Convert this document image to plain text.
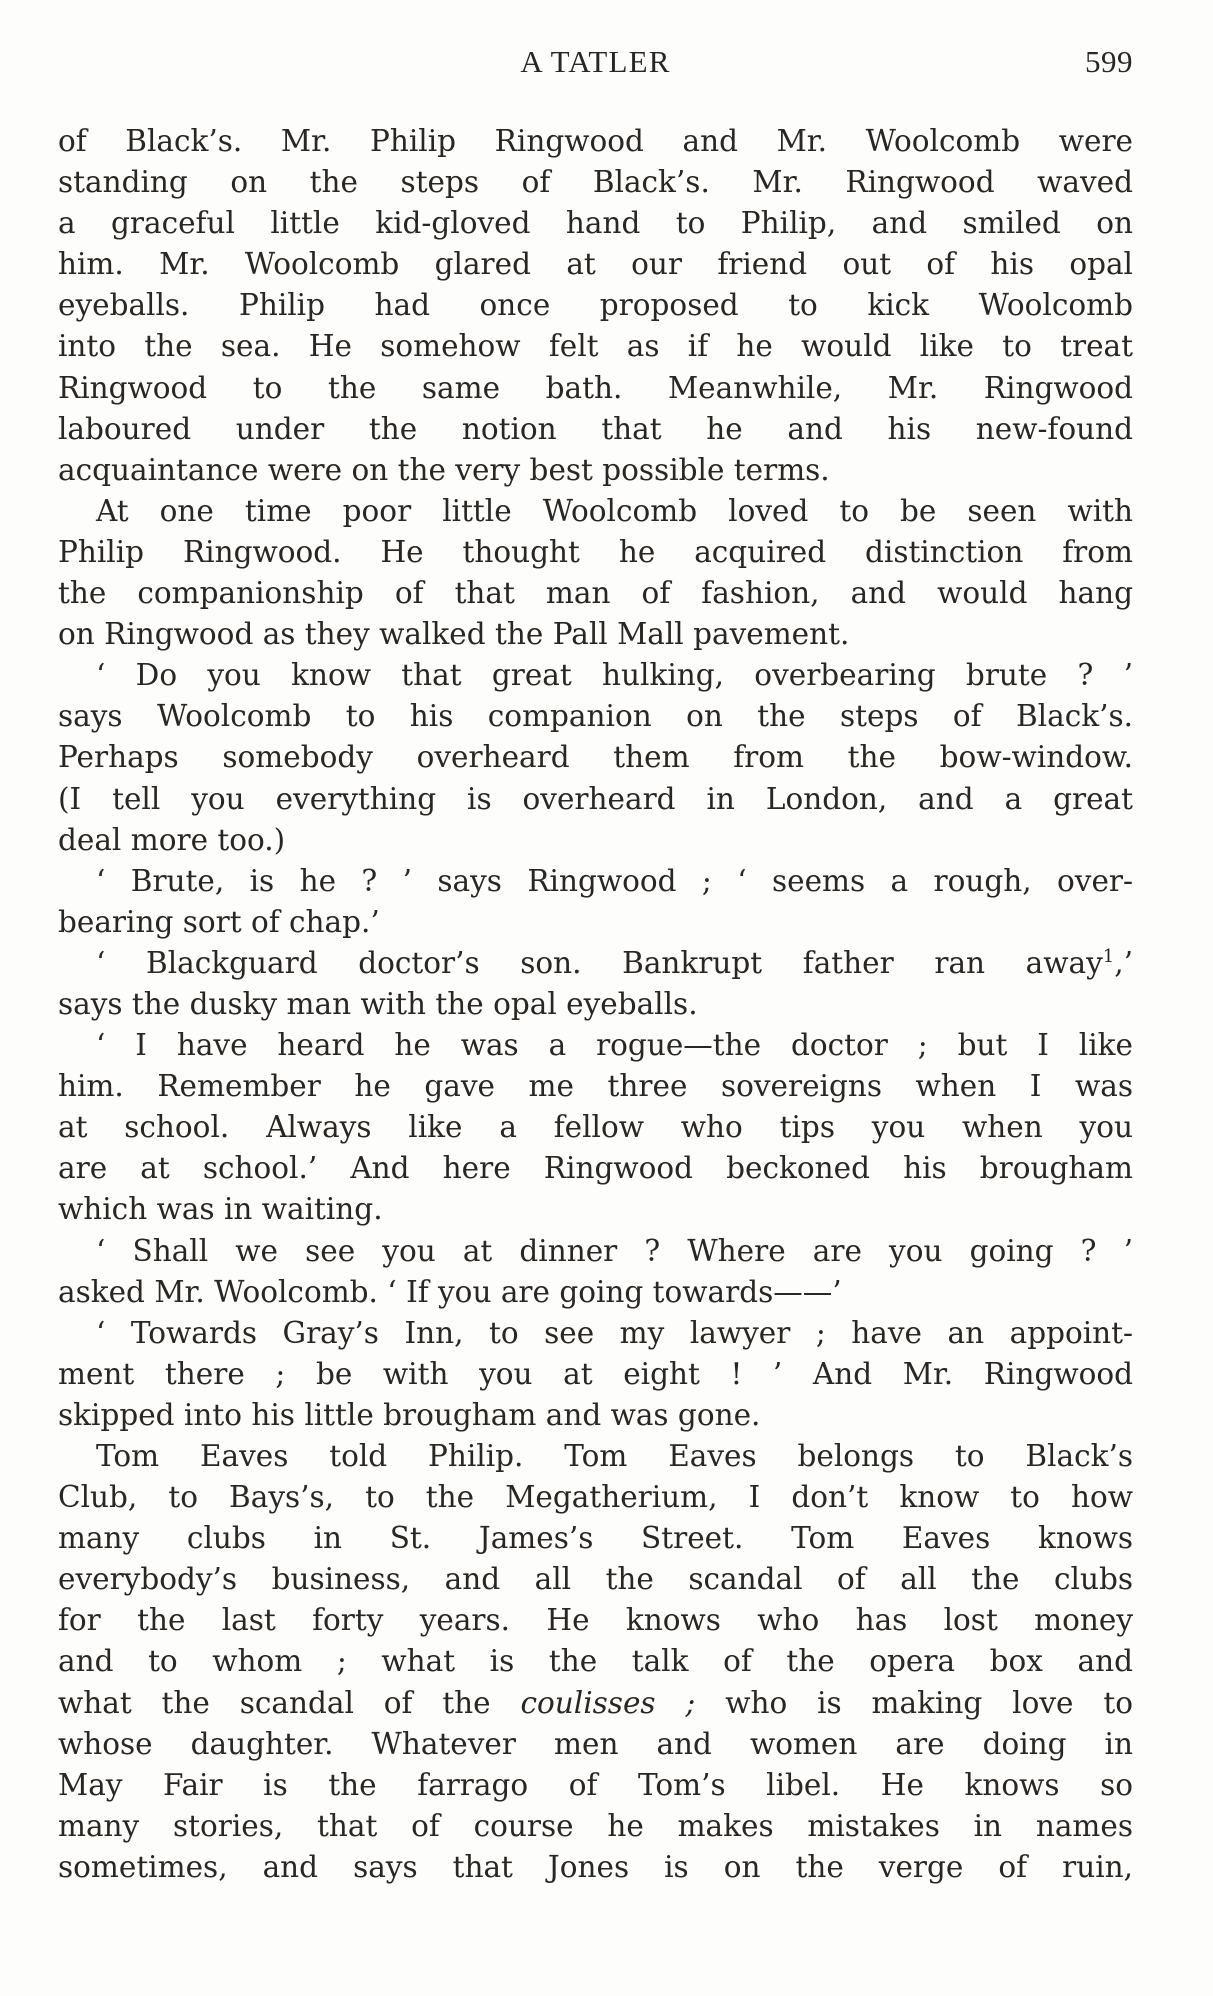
A TATLER	599

of Black’s. Mr. Philip Ringwood and Mr. Woolcomb were

standing on the steps of Black’s. Mr. Ringwood waved

a graceful little kid-gloved hand to Philip, and smiled on

him. Mr. Woolcomb glared at our friend out of his opal

eyeballs. Philip had once proposed to kick Woolcomb

into the sea. He somehow felt as if he would like to treat

Ringwood to the same bath. Meanwhile, Mr. Ringwood

laboured under the notion that he and his new-found

acquaintance were on the very best possible terms.

At one time poor little Woolcomb loved to be seen with

Philip Ringwood. He thought he acquired distinction from

the companionship of that man of fashion, and would hang

on Ringwood as they walked the Pall Mall pavement.

‘ Do you know that great hulking, overbearing brute ? ’

says Woolcomb to his companion on the steps of Black’s.

Perhaps somebody overheard them from the bow-window.

(I tell you everything is overheard in London, and a great

deal more too.)

‘ Brute, is he ? ’ says Ringwood ; ‘ seems a rough, over-

bearing sort of chap.’

‘ Blackguard doctor’s son. Bankrupt father ran away$^1$,’

says the dusky man with the opal eyeballs.

‘ I have heard he was a rogue—the doctor ; but I like

him. Remember he gave me three sovereigns when I was

at school. Always like a fellow who tips you when you

are at school.’ And here Ringwood beckoned his brougham

which was in waiting.

‘ Shall we see you at dinner ? Where are you going ? ’

asked Mr. Woolcomb. ‘ If you are going towards——’

‘ Towards Gray’s Inn, to see my lawyer ; have an appoint-

ment there ; be with you at eight ! ’ And Mr. Ringwood

skipped into his little brougham and was gone.

Tom Eaves told Philip. Tom Eaves belongs to Black’s

Club, to Bays’s, to the Megatherium, I don’t know to how

many clubs in St. James’s Street. Tom Eaves knows

everybody’s business, and all the scandal of all the clubs

for the last forty years. He knows who has lost money

and to whom ; what is the talk of the opera box and

what the scandal of the coulisses ; who is making love to

whose daughter. Whatever men and women are doing in

May Fair is the farrago of Tom’s libel. He knows so

many stories, that of course he makes mistakes in names

sometimes, and says that Jones is on the verge of ruin,
